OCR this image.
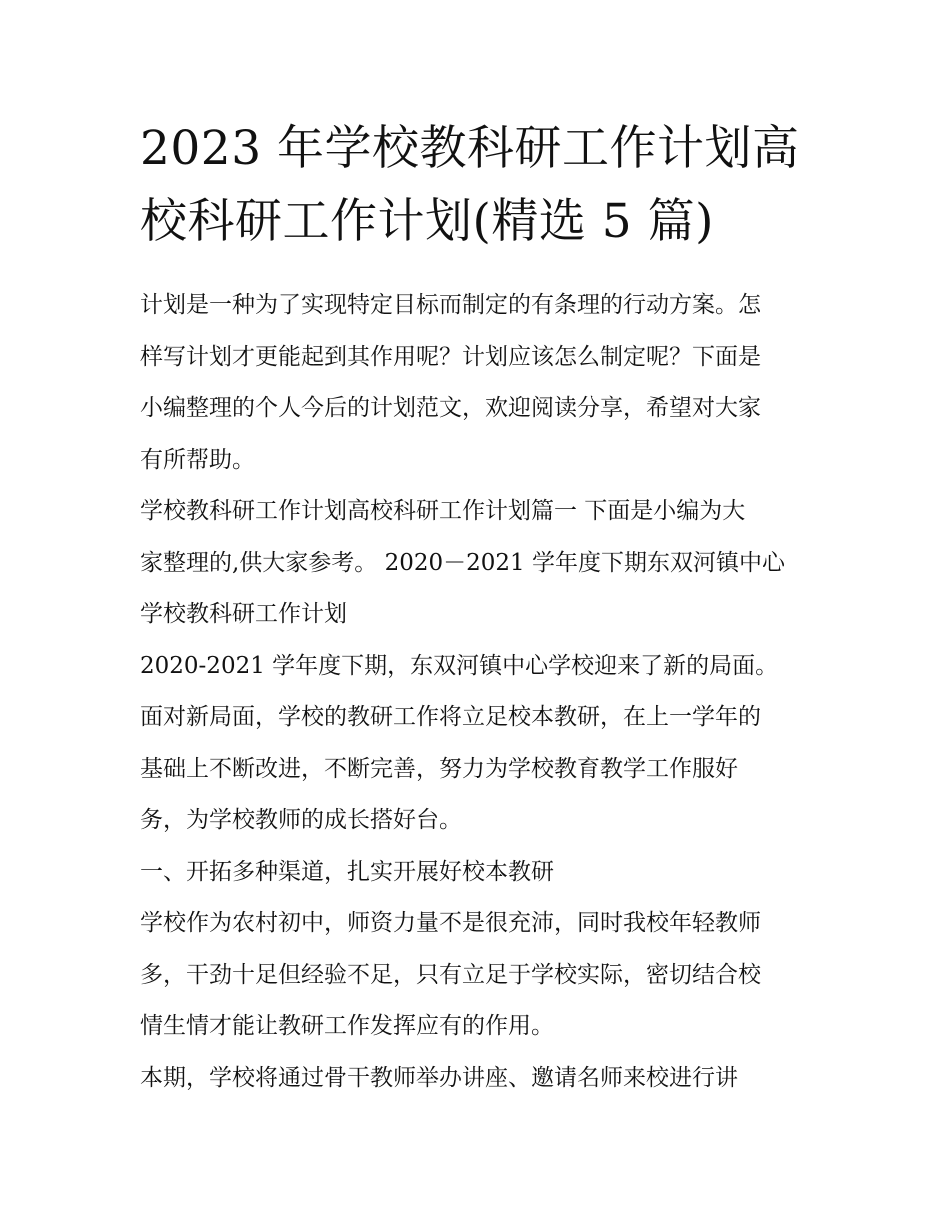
2023 年学校教科研工作计划高
校科研工作计划(精选 5 篇)
计划是一种为了实现特定目标而制定的有条理的行动方案。怎
样写计划才更能起到其作用呢？计划应该怎么制定呢？下面是
小编整理的个人今后的计划范文，欢迎阅读分享，希望对大家
有所帮助。
学校教科研工作计划高校科研工作计划篇一 下面是小编为大
家整理的,供大家参考。 2020－2021 学年度下期东双河镇中心
学校教科研工作计划
2020-2021 学年度下期，东双河镇中心学校迎来了新的局面。
面对新局面，学校的教研工作将立足校本教研，在上一学年的
基础上不断改进，不断完善，努力为学校教育教学工作服好
务，为学校教师的成长搭好台。
一、开拓多种渠道，扎实开展好校本教研
学校作为农村初中，师资力量不是很充沛，同时我校年轻教师
多，干劲十足但经验不足，只有立足于学校实际，密切结合校
情生情才能让教研工作发挥应有的作用。
本期，学校将通过骨干教师举办讲座、邀请名师来校进行讲
